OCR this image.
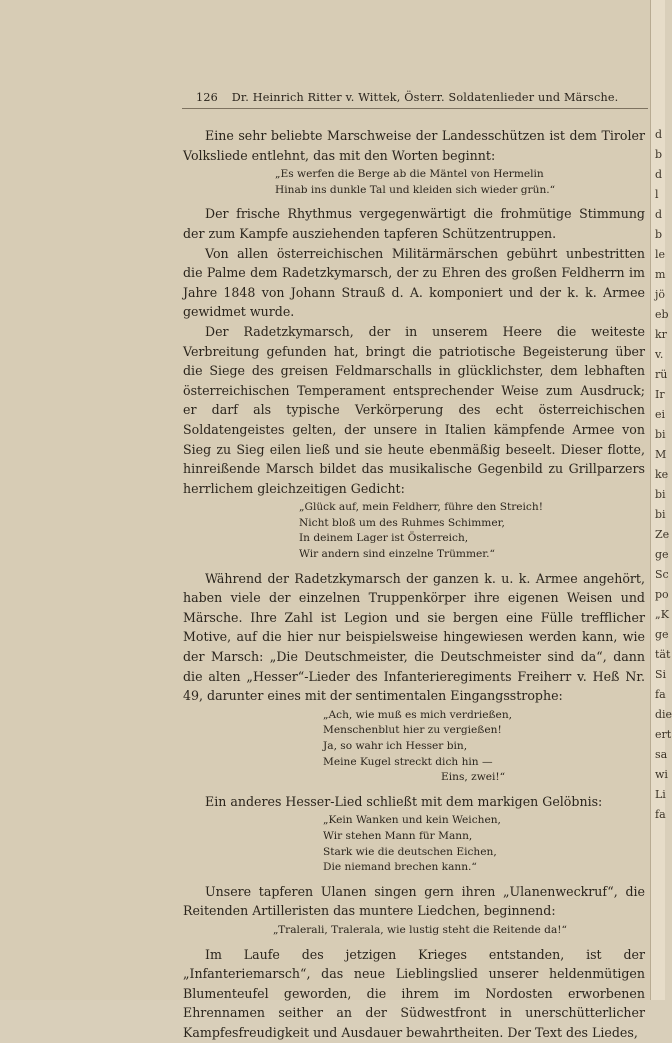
126 Dr. Heinrich Ritter v. Wittek, Österr. Soldatenlieder und Märsche.

Eine sehr beliebte Marschweise der Landesschützen ist dem Tiroler Volksliede entlehnt, das mit den Worten beginnt:

„Es werfen die Berge ab die Mäntel von Hermelin
Hinab ins dunkle Tal und kleiden sich wieder grün.“

Der frische Rhythmus vergegenwärtigt die frohmütige Stimmung der zum Kampfe ausziehenden tapferen Schützentruppen.

Von allen österreichischen Militärmärschen gebührt unbestritten die Palme dem Radetzkymarsch, der zu Ehren des großen Feldherrn im Jahre 1848 von Johann Strauß d. A. komponiert und der k. k. Armee gewidmet wurde.

Der Radetzkymarsch, der in unserem Heere die weiteste Verbreitung gefunden hat, bringt die patriotische Begeisterung über die Siege des greisen Feldmarschalls in glücklichster, dem lebhaften österreichischen Temperament entsprechender Weise zum Ausdruck; er darf als typische Verkörperung des echt österreichischen Soldatengeistes gelten, der unsere in Italien kämpfende Armee von Sieg zu Sieg eilen ließ und sie heute ebenmäßig beseelt. Dieser flotte, hinreißende Marsch bildet das musikalische Gegenbild zu Grillparzers herrlichem gleichzeitigen Gedicht:

„Glück auf, mein Feldherr, führe den Streich!
Nicht bloß um des Ruhmes Schimmer,
In deinem Lager ist Österreich,
Wir andern sind einzelne Trümmer.“

Während der Radetzkymarsch der ganzen k. u. k. Armee angehört, haben viele der einzelnen Truppenkörper ihre eigenen Weisen und Märsche. Ihre Zahl ist Legion und sie bergen eine Fülle trefflicher Motive, auf die hier nur beispielsweise hingewiesen werden kann, wie der Marsch: „Die Deutschmeister, die Deutschmeister sind da“, dann die alten „Hesser“-Lieder des Infanterieregiments Freiherr v. Heß Nr. 49, darunter eines mit der sentimentalen Eingangsstrophe:

„Ach, wie muß es mich verdrießen,
Menschenblut hier zu vergießen!
Ja, so wahr ich Hesser bin,
Meine Kugel streckt dich hin —
Eins, zwei!“

Ein anderes Hesser-Lied schließt mit dem markigen Gelöbnis:

„Kein Wanken und kein Weichen,
Wir stehen Mann für Mann,
Stark wie die deutschen Eichen,
Die niemand brechen kann.“

Unsere tapferen Ulanen singen gern ihren „Ulanenweckruf“, die Reitenden Artilleristen das muntere Liedchen, beginnend:

„Tralerali, Tralerala, wie lustig steht die Reitende da!“

Im Laufe des jetzigen Krieges entstanden, ist der „Infanteriemarsch“, das neue Lieblingslied unserer heldenmütigen Blumenteufel geworden, die ihrem im Nordosten erworbenen Ehrennamen seither an der Südwestfront in unerschütterlicher Kampfesfreudigkeit und Ausdauer bewahrtheiten. Der Text des Liedes,

d
b
d
l
d
b
le
m
jö
eb
kr
v.
rü
Ir
ei
bi
M
ke
bi
bi
Ze
ge
Sc
po
„K
ge
tät
Si
fa
die
ert
sa
wi
Li
fa
